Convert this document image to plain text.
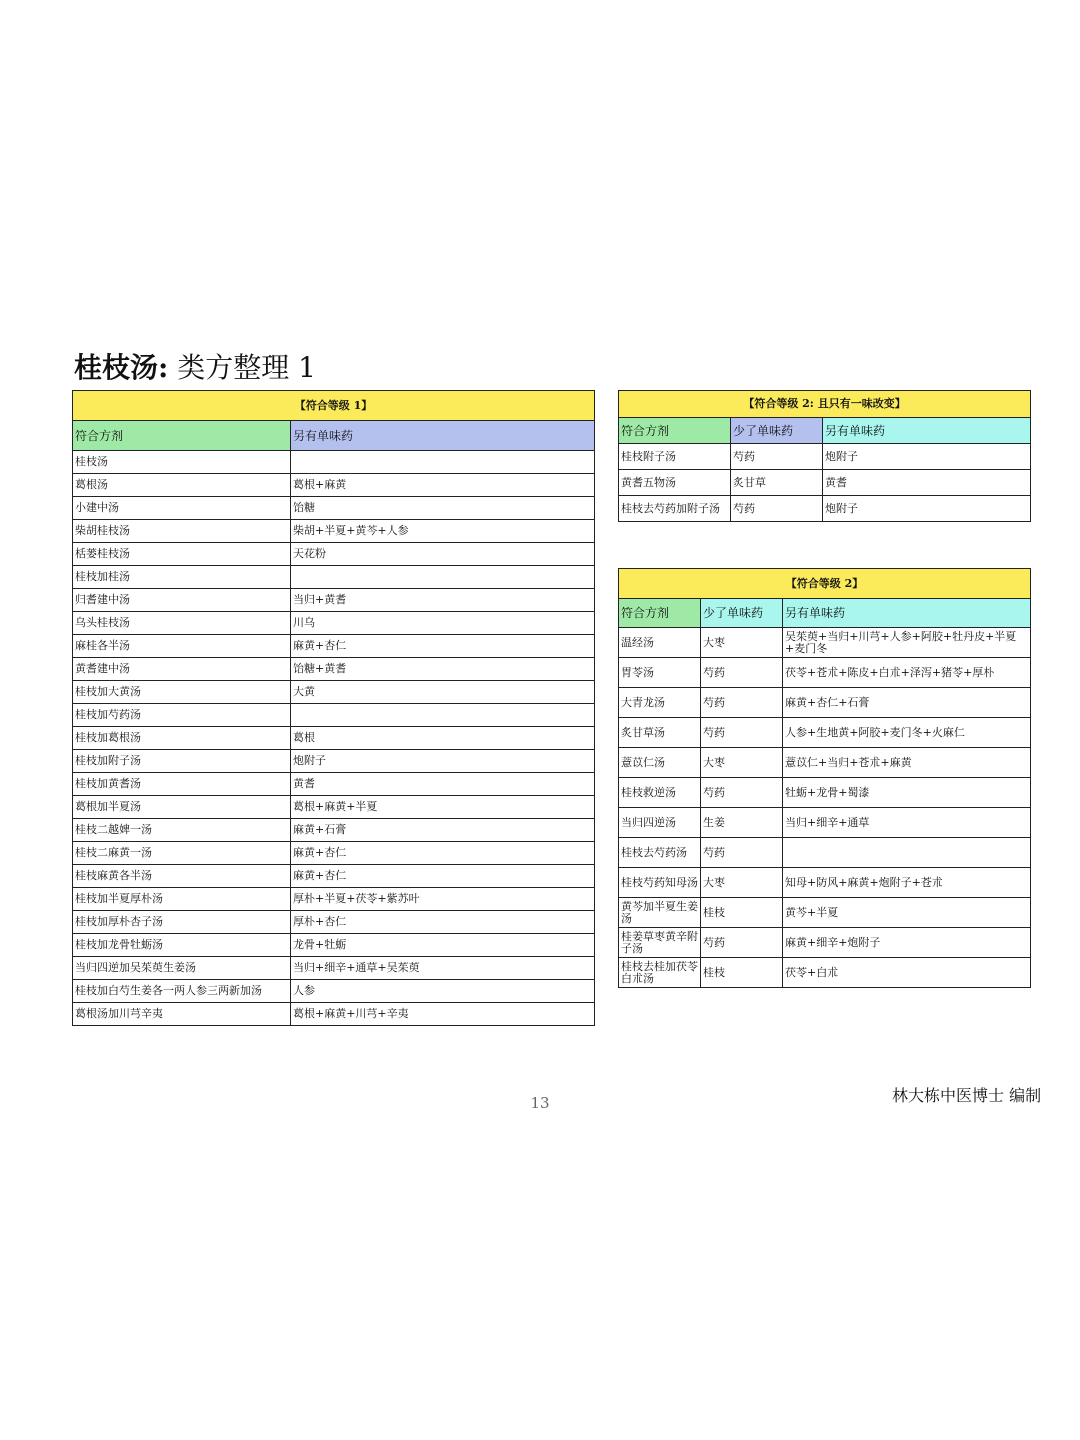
桂枝汤: 类方整理 1
【符合等级 1】	
符合方剂	另有单味药
桂枝汤	
葛根汤	葛根+麻黄
小建中汤	饴糖
柴胡桂枝汤	柴胡+半夏+黄芩+人参
栝蒌桂枝汤	天花粉
桂枝加桂汤	
归耆建中汤	当归+黄耆
乌头桂枝汤	川乌
麻桂各半汤	麻黄+杏仁
黄耆建中汤	饴糖+黄耆
桂枝加大黄汤	大黄
桂枝加芍药汤	
桂枝加葛根汤	葛根
桂枝加附子汤	炮附子
桂枝加黄耆汤	黄耆
葛根加半夏汤	葛根+麻黄+半夏
桂枝二越婢一汤	麻黄+石膏
桂枝二麻黄一汤	麻黄+杏仁
桂枝麻黄各半汤	麻黄+杏仁
桂枝加半夏厚朴汤	厚朴+半夏+茯苓+紫苏叶
桂枝加厚朴杏子汤	厚朴+杏仁
桂枝加龙骨牡蛎汤	龙骨+牡蛎
当归四逆加吴茱萸生姜汤	当归+细辛+通草+吴茱萸
桂枝加白芍生姜各一两人参三两新加汤	人参
葛根汤加川芎辛夷	葛根+麻黄+川芎+辛夷
【符合等级 2: 且只有一味改变】		
符合方剂	少了单味药	另有单味药
桂枝附子汤	芍药	炮附子
黄耆五物汤	炙甘草	黄耆
桂枝去芍药加附子汤	芍药	炮附子
【符合等级 2】		
符合方剂	少了单味药	另有单味药
温经汤	大枣	吴茱萸+当归+川芎+人参+阿胶+牡丹皮+半夏+麦门冬
胃苓汤	芍药	茯苓+苍朮+陈皮+白朮+泽泻+猪苓+厚朴
大青龙汤	芍药	麻黄+杏仁+石膏
炙甘草汤	芍药	人参+生地黄+阿胶+麦门冬+火麻仁
薏苡仁汤	大枣	薏苡仁+当归+苍朮+麻黄
桂枝救逆汤	芍药	牡蛎+龙骨+蜀漆
当归四逆汤	生姜	当归+细辛+通草
桂枝去芍药汤	芍药	
桂枝芍药知母汤	大枣	知母+防风+麻黄+炮附子+苍朮
黄芩加半夏生姜汤	桂枝	黄芩+半夏
桂姜草枣黄辛附子汤	芍药	麻黄+细辛+炮附子
桂枝去桂加茯苓白朮汤	桂枝	茯苓+白朮
13	林大栋中医博士 编制
